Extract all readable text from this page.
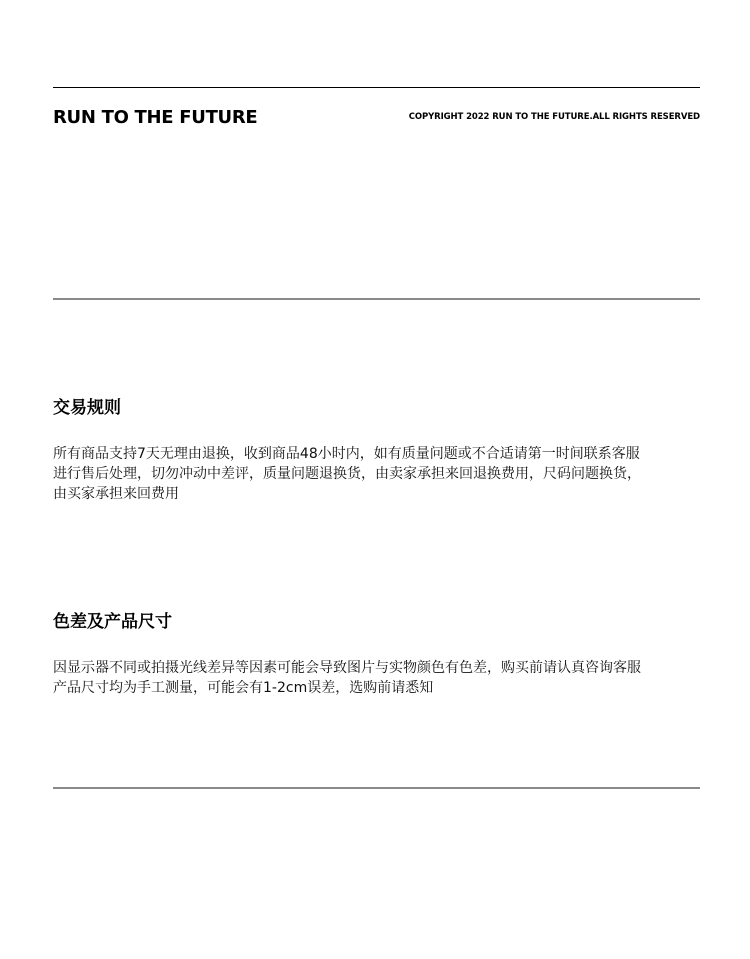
RUN TO THE FUTURE	COPYRIGHT 2022 RUN TO THE FUTURE.ALL RIGHTS RESERVED
交易规则
所有商品支持7天无理由退换，收到商品48小时内，如有质量问题或不合适请第一时间联系客服
进行售后处理，切勿冲动中差评，质量问题退换货，由卖家承担来回退换费用，尺码问题换货，
由买家承担来回费用
色差及产品尺寸
因显示器不同或拍摄光线差异等因素可能会导致图片与实物颜色有色差，购买前请认真咨询客服
产品尺寸均为手工测量，可能会有1-2cm误差，选购前请悉知
